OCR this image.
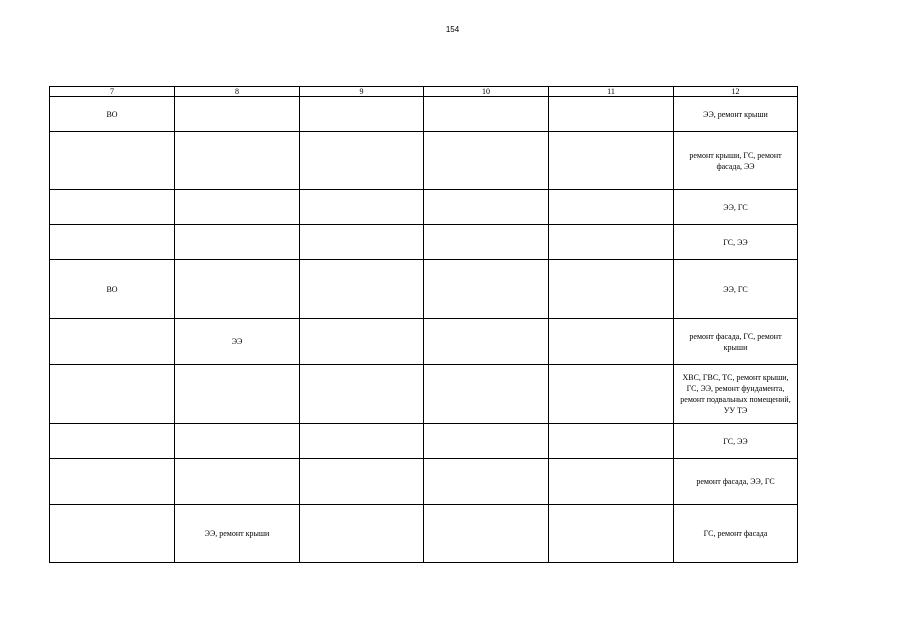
154
7	8	9	10	11	12
ВО					ЭЭ, ремонт крыши
					ремонт крыши, ГС, ремонт фасада, ЭЭ
					ЭЭ, ГС
					ГС, ЭЭ
ВО					ЭЭ, ГС
	ЭЭ				ремонт фасада, ГС, ремонт крыши
					ХВС, ГВС, ТС, ремонт крыши, ГС, ЭЭ, ремонт фундамента, ремонт подвальных помещений, УУ ТЭ
					ГС, ЭЭ
					ремонт фасада, ЭЭ, ГС
	ЭЭ, ремонт крыши				ГС, ремонт фасада
